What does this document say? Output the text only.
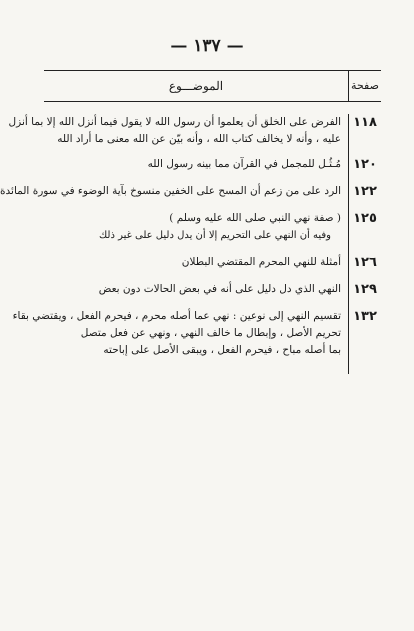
— ١٣٧ —
صفحة
الموضـــوع
١١٨
الفرض على الخلق أن يعلموا أن رسول الله لا يقول فيما أنزل الله إلا بما أنزل
عليه ، وأنه لا يخالف كتاب الله ، وأنه بيّن عن الله معنى ما أراد الله
١٢٠
مُـثُـل للمجمل في القرآن مما بينه رسول الله
١٢٢
الرد على من زعم أن المسح على الخفين منسوخ بآية الوضوء في سورة المائدة
١٢٥
( صفة نهي النبي صلى الله عليه وسلم )
وفيه أن النهي على التحريم إلا أن يدل دليل على غير ذلك
١٢٦
أمثلة للنهي المحرم المقتضي البطلان
١٢٩
النهي الذي دل دليل على أنه في بعض الحالات دون بعض
١٣٢
تقسيم النهي إلى نوعين : نهي عما أصله محرم ، فيحرم الفعل ، ويقتضي بقاء
تحريم الأصل ، وإبطال ما خالف النهي ، ونهي عن فعل متصل
بما أصله مباح ، فيحرم الفعل ، ويبقى الأصل على إباحته
